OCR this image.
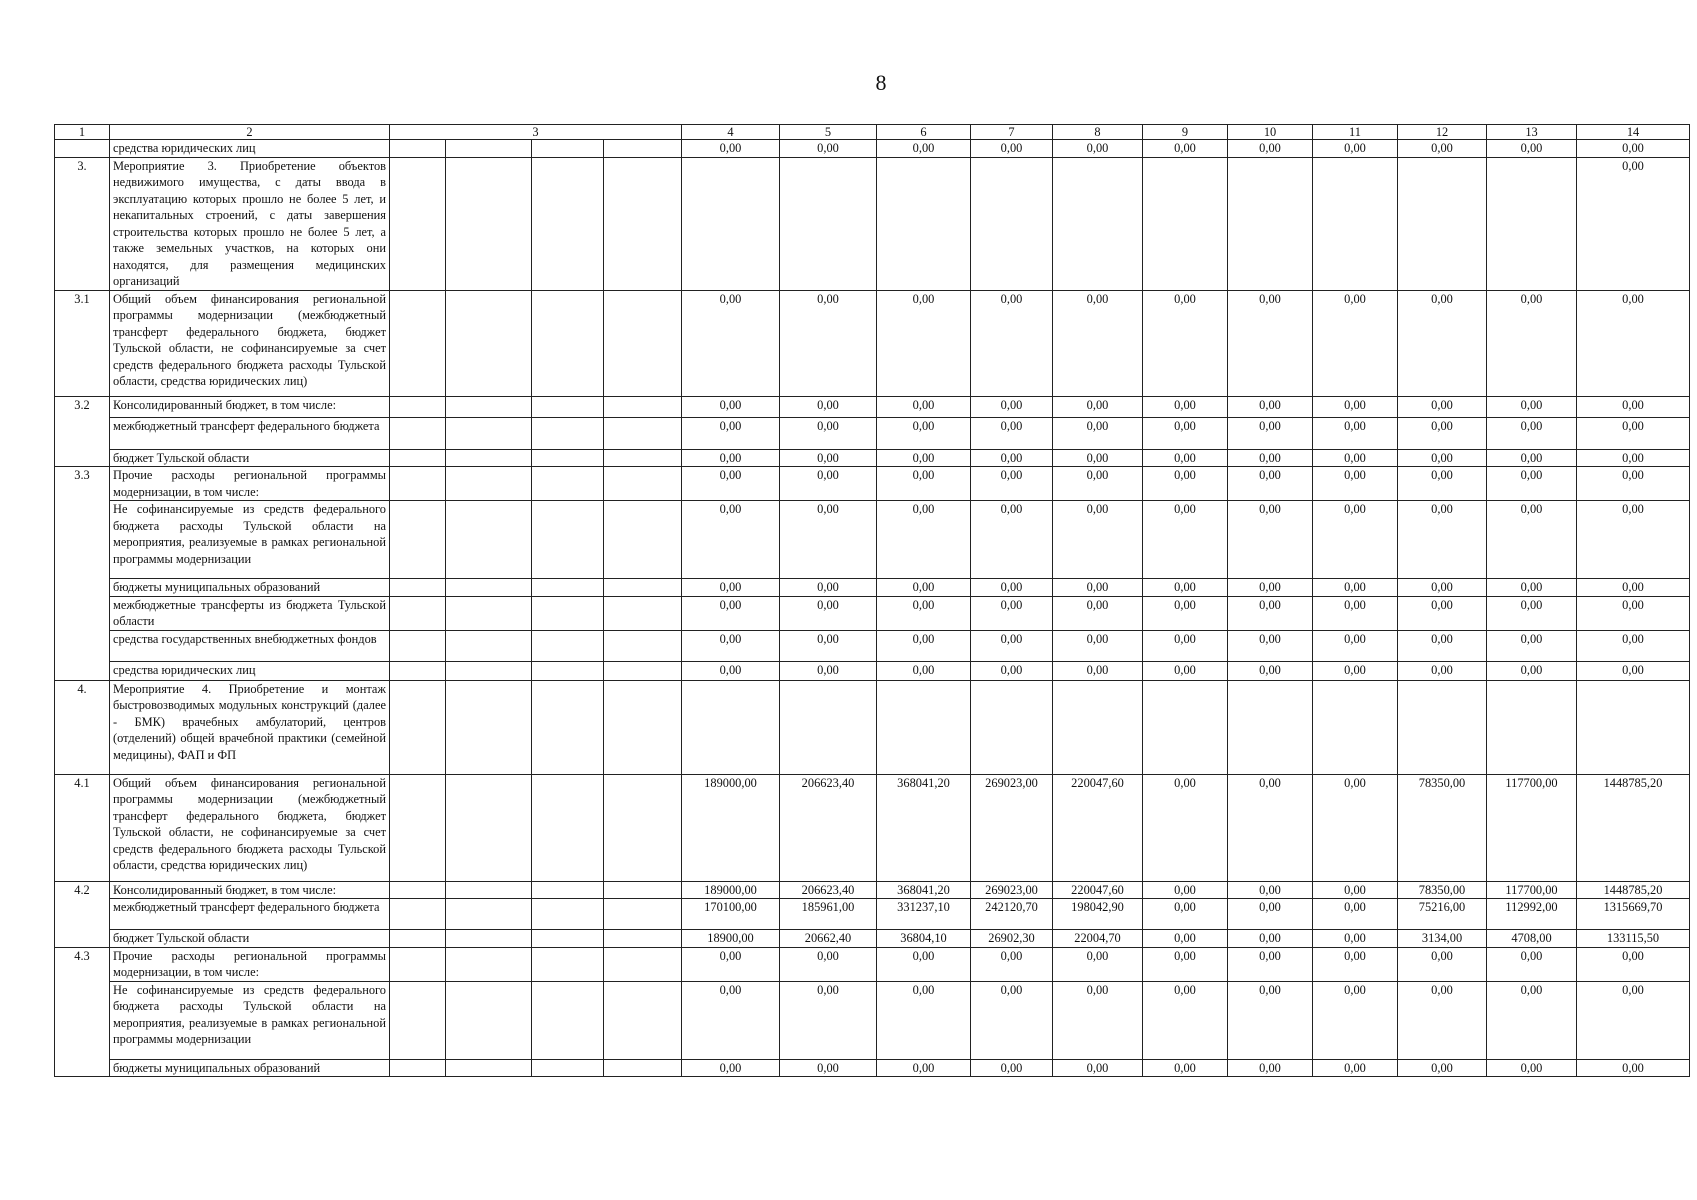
8
1	2	3				4	5	6	7	8	9	10	11	12	13	14
	средства юридических лиц					0,00	0,00	0,00	0,00	0,00	0,00	0,00	0,00	0,00	0,00	0,00
3.	Мероприятие 3. Приобретение объектов недвижимого имущества, с даты ввода в эксплуатацию которых прошло не более 5 лет, и некапитальных строений, с даты завершения строительства которых прошло не более 5 лет, а также земельных участков, на которых они находятся, для размещения медицинских организаций															0,00
3.1	Общий объем финансирования региональной программы модернизации (межбюджетный трансферт федерального бюджета, бюджет Тульской области, не софинансируемые за счет средств федерального бюджета расходы Тульской области, средства юридических лиц)					0,00	0,00	0,00	0,00	0,00	0,00	0,00	0,00	0,00	0,00	0,00
3.2	Консолидированный бюджет, в том числе:					0,00	0,00	0,00	0,00	0,00	0,00	0,00	0,00	0,00	0,00	0,00
	межбюджетный трансферт федерального бюджета					0,00	0,00	0,00	0,00	0,00	0,00	0,00	0,00	0,00	0,00	0,00
	бюджет Тульской области					0,00	0,00	0,00	0,00	0,00	0,00	0,00	0,00	0,00	0,00	0,00
3.3	Прочие расходы региональной программы модернизации, в том числе:					0,00	0,00	0,00	0,00	0,00	0,00	0,00	0,00	0,00	0,00	0,00
	Не софинансируемые из средств федерального бюджета расходы Тульской области на мероприятия, реализуемые в рамках региональной программы модернизации					0,00	0,00	0,00	0,00	0,00	0,00	0,00	0,00	0,00	0,00	0,00
	бюджеты муниципальных образований					0,00	0,00	0,00	0,00	0,00	0,00	0,00	0,00	0,00	0,00	0,00
	межбюджетные трансферты из бюджета Тульской области					0,00	0,00	0,00	0,00	0,00	0,00	0,00	0,00	0,00	0,00	0,00
	средства государственных внебюджетных фондов					0,00	0,00	0,00	0,00	0,00	0,00	0,00	0,00	0,00	0,00	0,00
	средства юридических лиц					0,00	0,00	0,00	0,00	0,00	0,00	0,00	0,00	0,00	0,00	0,00
4.	Мероприятие 4. Приобретение и монтаж быстровозводимых модульных конструкций (далее - БМК) врачебных амбулаторий, центров (отделений) общей врачебной практики (семейной медицины), ФАП и ФП															
4.1	Общий объем финансирования региональной программы модернизации (межбюджетный трансферт федерального бюджета, бюджет Тульской области, не софинансируемые за счет средств федерального бюджета расходы Тульской области, средства юридических лиц)					189000,00	206623,40	368041,20	269023,00	220047,60	0,00	0,00	0,00	78350,00	117700,00	1448785,20
4.2	Консолидированный бюджет, в том числе:					189000,00	206623,40	368041,20	269023,00	220047,60	0,00	0,00	0,00	78350,00	117700,00	1448785,20
	межбюджетный трансферт федерального бюджета					170100,00	185961,00	331237,10	242120,70	198042,90	0,00	0,00	0,00	75216,00	112992,00	1315669,70
	бюджет Тульской области					18900,00	20662,40	36804,10	26902,30	22004,70	0,00	0,00	0,00	3134,00	4708,00	133115,50
4.3	Прочие расходы региональной программы модернизации, в том числе:					0,00	0,00	0,00	0,00	0,00	0,00	0,00	0,00	0,00	0,00	0,00
	Не софинансируемые из средств федерального бюджета расходы Тульской области на мероприятия, реализуемые в рамках региональной программы модернизации					0,00	0,00	0,00	0,00	0,00	0,00	0,00	0,00	0,00	0,00	0,00
	бюджеты муниципальных образований					0,00	0,00	0,00	0,00	0,00	0,00	0,00	0,00	0,00	0,00	0,00
